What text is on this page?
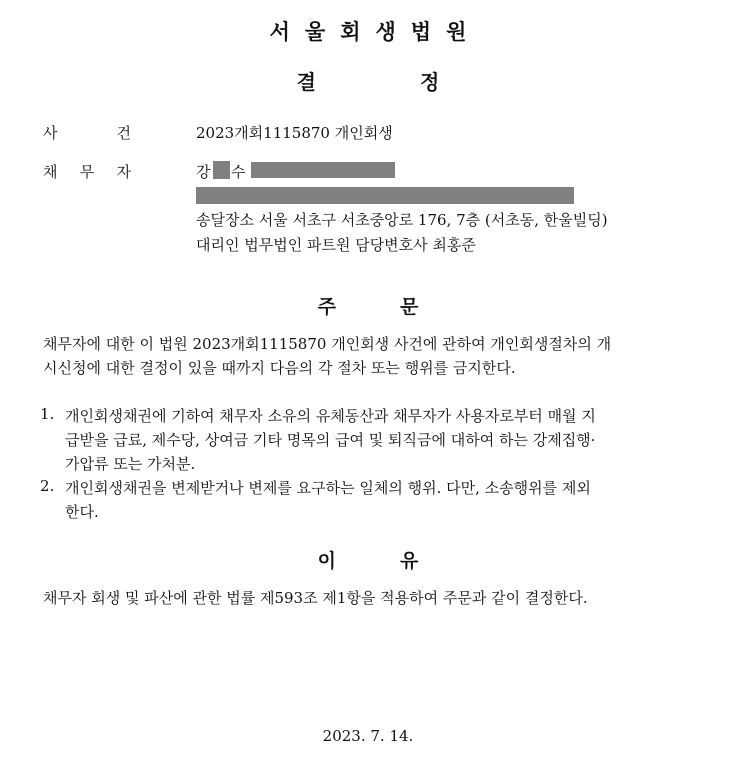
서울회생법원
결정
사	건	2023개회1115870 개인회생
채 무 자	강 수
송달장소 서울 서초구 서초중앙로 176, 7층 (서초동, 한울빌딩)
대리인 법무법인 파트원 담당변호사 최홍준
주문
채무자에 대한 이 법원 2023개회1115870 개인회생 사건에 관하여 개인회생절차의 개
시신청에 대한 결정이 있을 때까지 다음의 각 절차 또는 행위를 금지한다.
1. 개인회생채권에 기하여 채무자 소유의 유체동산과 채무자가 사용자로부터 매월 지
급받을 급료, 제수당, 상여금 기타 명목의 급여 및 퇴직금에 대하여 하는 강제집행·
가압류 또는 가처분.
2. 개인회생채권을 변제받거나 변제를 요구하는 일체의 행위. 다만, 소송행위를 제외
한다.
이유
채무자 회생 및 파산에 관한 법률 제593조 제1항을 적용하여 주문과 같이 결정한다.
2023. 7. 14.
